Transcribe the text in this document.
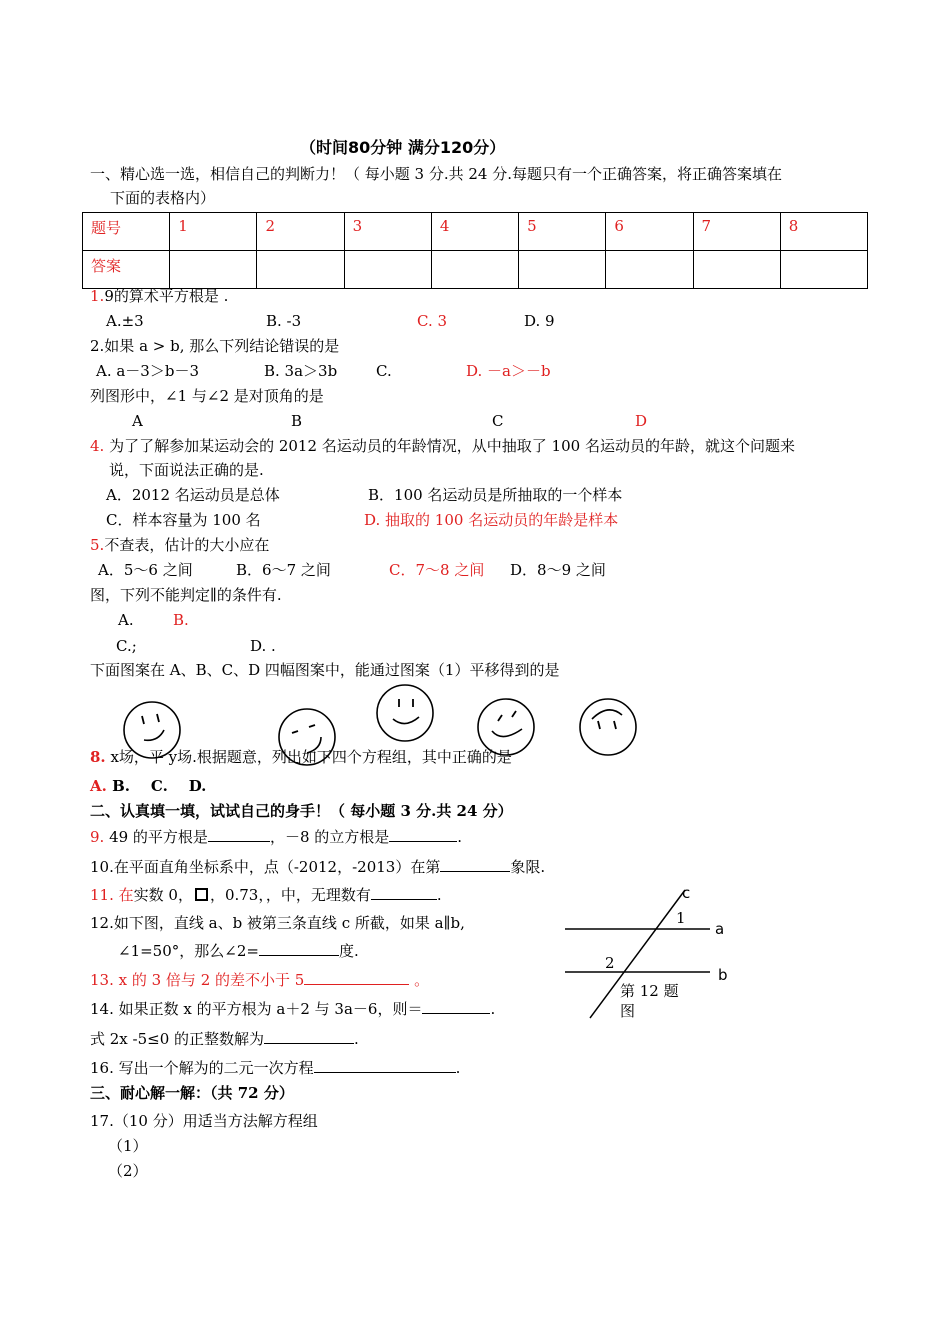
（时间80分钟 满分120分）
一、精心选一选，相信自己的判断力！（ 每小题 3 分.共 24 分.每题只有一个正确答案，将正确答案填在
下面的表格内）
题号	1	2	3	4	5	6	7	8
答案								
1.9的算术平方根是 .
A.±3	B. -3	C. 3	D. 9
2.如果 a > b, 那么下列结论错误的是
A. a－3＞b－3	B. 3a＞3b	C.	D. －a＞－b
列图形中，∠1 与∠2 是对顶角的是
A	B	C	D
4. 为了了解参加某运动会的 2012 名运动员的年龄情况，从中抽取了 100 名运动员的年龄，就这个问题来
说，下面说法正确的是.
A．2012 名运动员是总体	B．100 名运动员是所抽取的一个样本
C．样本容量为 100 名	D. 抽取的 100 名运动员的年龄是样本
5.不查表，估计的大小应在
A．5～6 之间	B．6～7 之间	C．7～8 之间 D．8～9 之间
图，下列不能判定∥的条件有.
A.	B.
C.;	D. .
下面图案在 A、B、C、D 四幅图案中，能通过图案（1）平移得到的是
8. x场，平 y场.根据题意，列出如下四个方程组，其中正确的是
A. B. C. D.
二、认真填一填，试试自己的身手！（ 每小题 3 分.共 24 分）
9. 49 的平方根是	，－8 的立方根是	.
10.在平面直角坐标系中，点（-2012，-2013）在第	象限.
11. 在实数 0， ，0.73，，中，无理数有	.
12.如下图，直线 a、b 被第三条直线 c 所截，如果 a∥b,
∠1=50°，那么∠2=	度.
13. x 的 3 倍与 2 的差不小于 5	。
14. 如果正数 x 的平方根为 a＋2 与 3a－6，则＝	.
式 2x -5≤0 的正整数解为	.
16. 写出一个解为的二元一次方程	.
三、耐心解一解：（共 72 分）
17.（10 分）用适当方法解方程组
（1）
（2）
c
1
a
2
b
第 12 题
图
